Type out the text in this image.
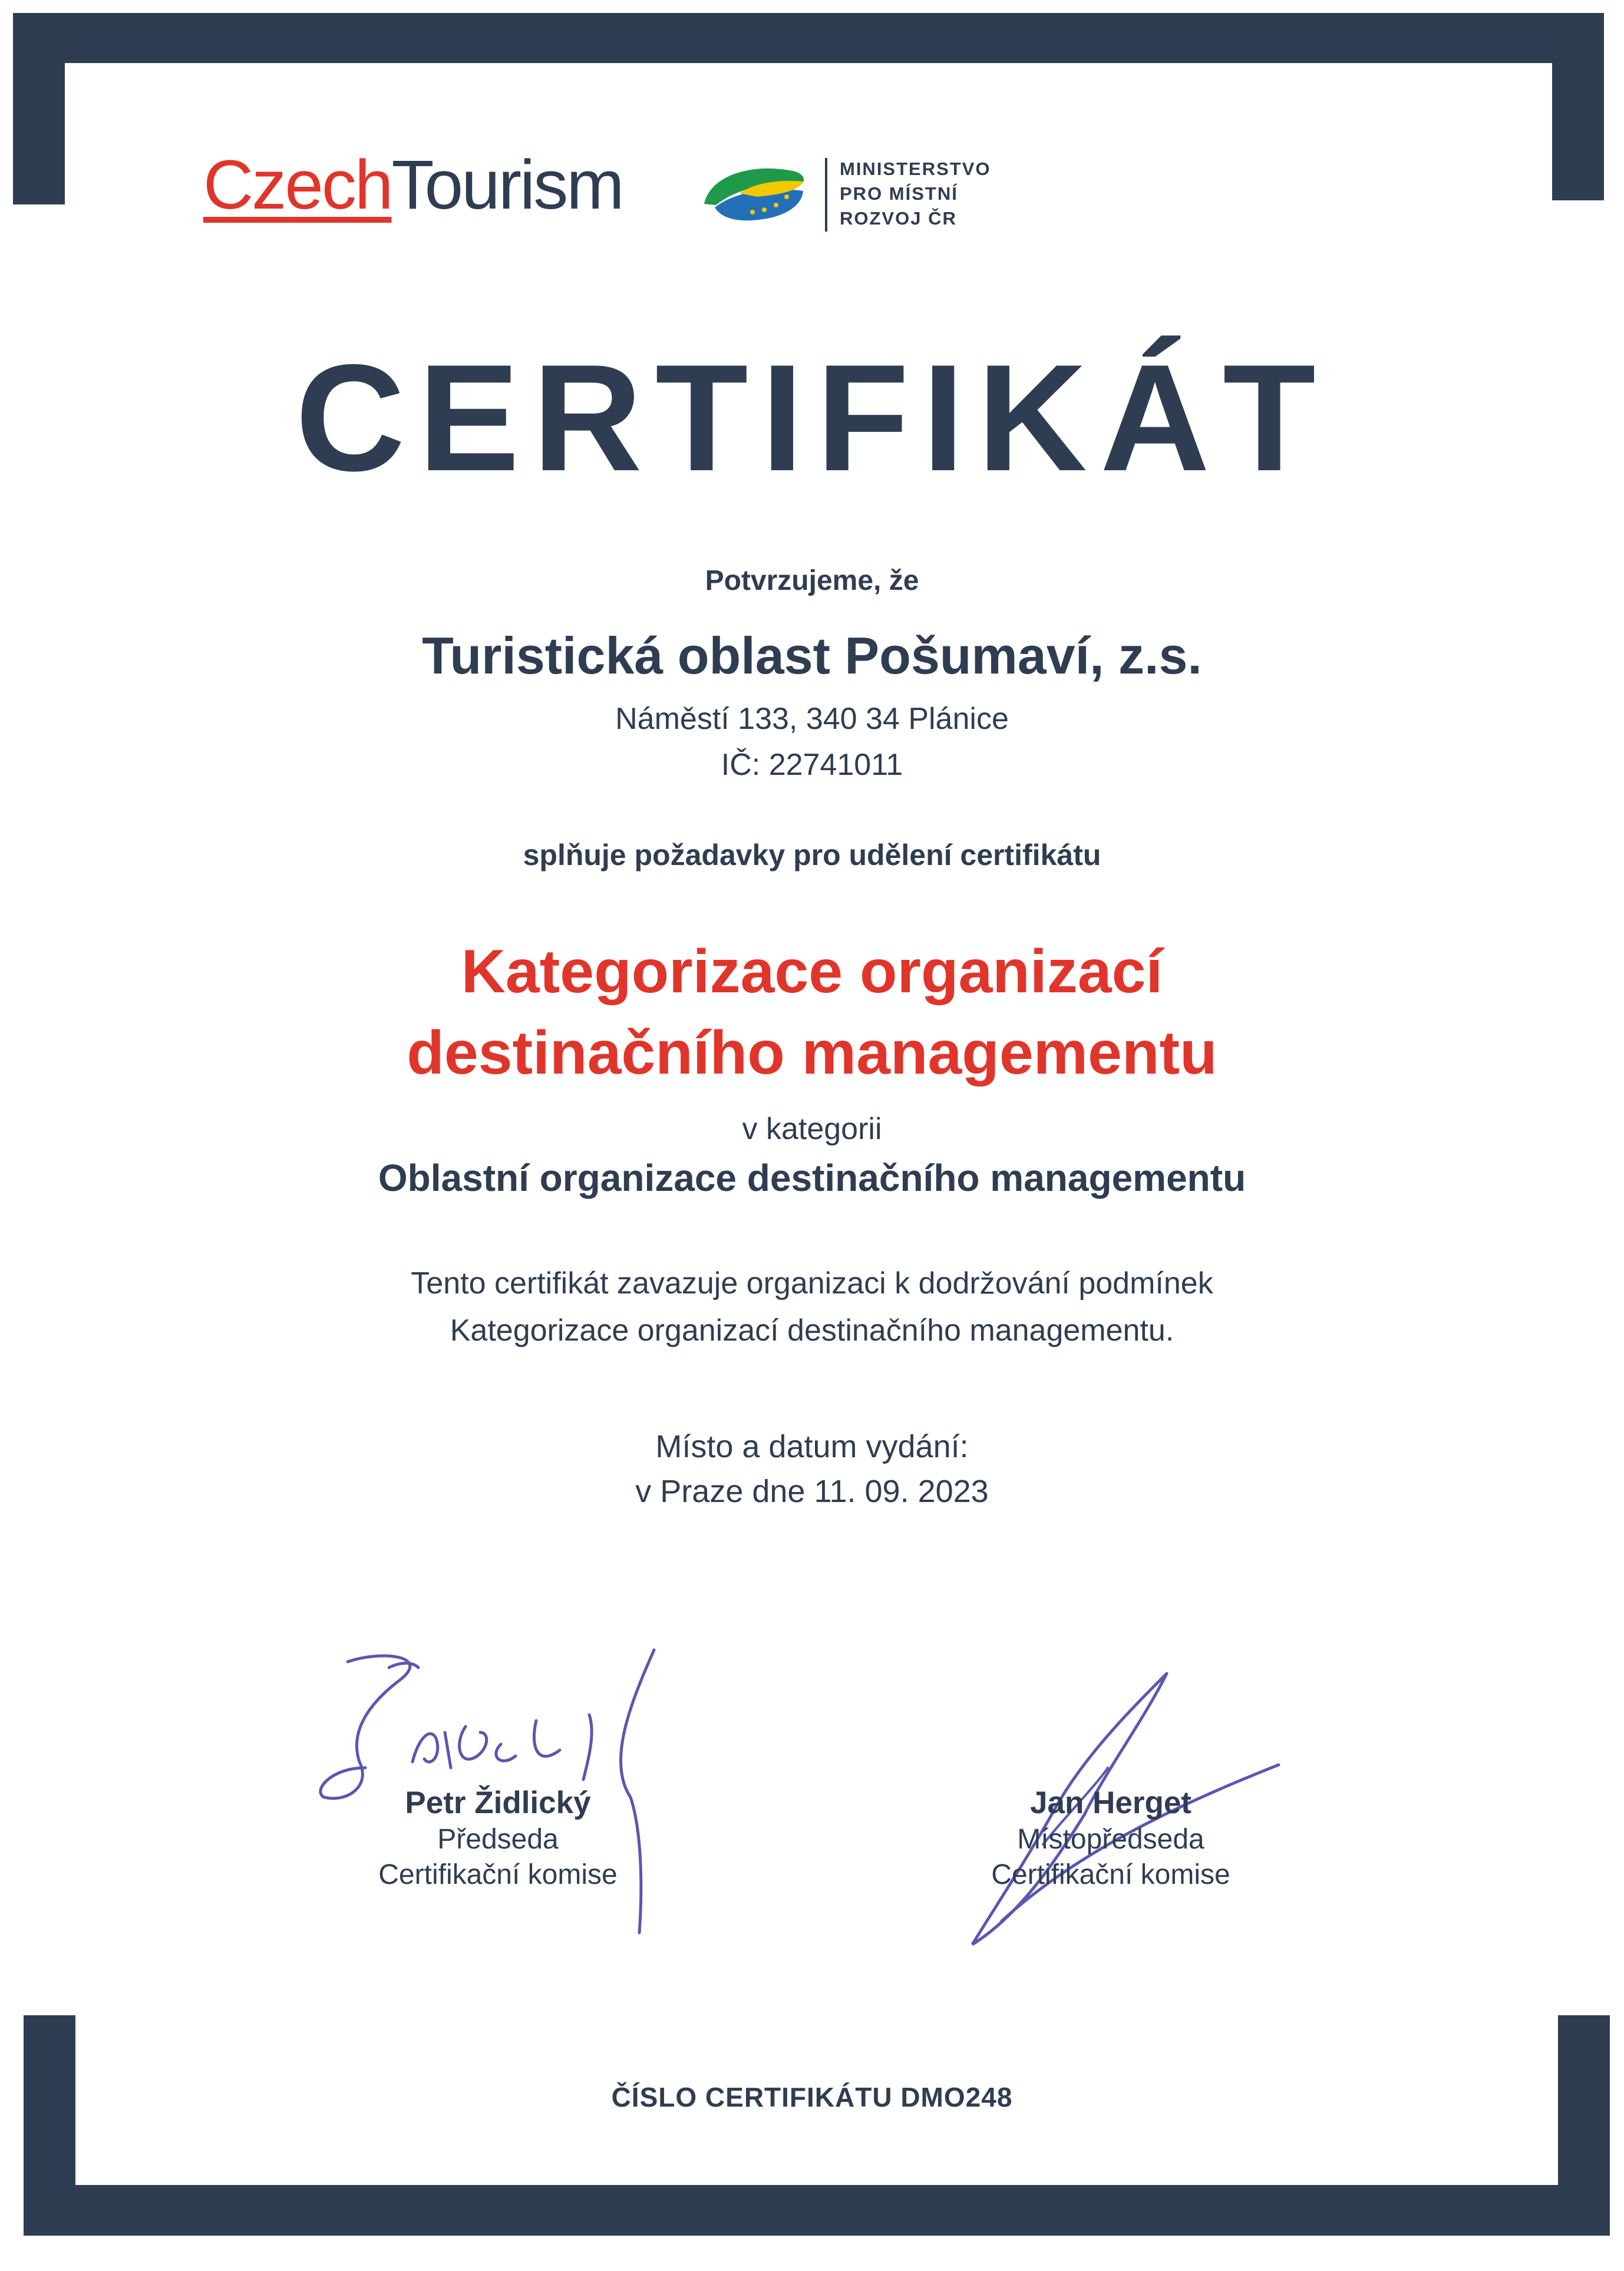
CzechTourism	MINISTERSTVO
PRO MÍSTNÍ
ROZVOJ ČR
CERTIFIKÁT
Potvrzujeme, že
Turistická oblast Pošumaví, z.s.
Náměstí 133, 340 34 Plánice
IČ: 22741011
splňuje požadavky pro udělení certifikátu
Kategorizace organizací
destinačního managementu
v kategorii
Oblastní organizace destinačního managementu
Tento certifikát zavazuje organizaci k dodržování podmínek
Kategorizace organizací destinačního managementu.
Místo a datum vydání:
v Praze dne 11. 09. 2023
Petr Židlický
Předseda
Certifikační komise
Jan Herget
Místopředseda
Certifikační komise
ČÍSLO CERTIFIKÁTU DMO248
